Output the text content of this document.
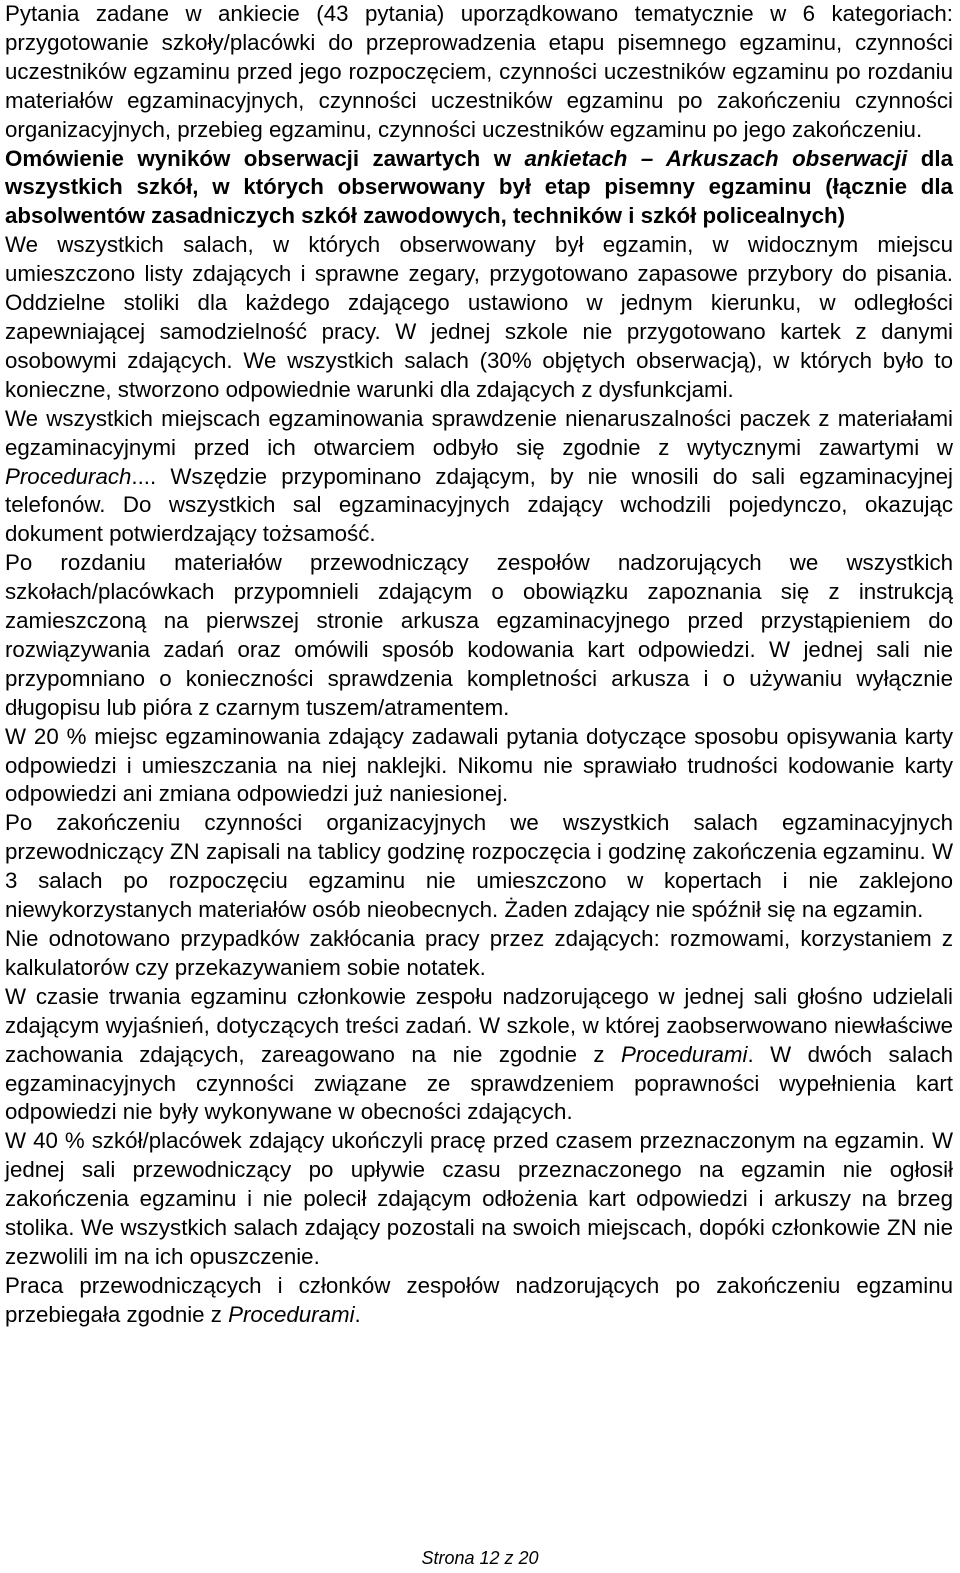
Pytania zadane w ankiecie (43 pytania) uporządkowano tematycznie w 6 kategoriach: przygotowanie szkoły/placówki do przeprowadzenia etapu pisemnego egzaminu, czynności uczestników egzaminu przed jego rozpoczęciem, czynności uczestników egzaminu po rozdaniu materiałów egzaminacyjnych, czynności uczestników egzaminu po zakończeniu czynności organizacyjnych, przebieg egzaminu, czynności uczestników egzaminu po jego zakończeniu.

Omówienie wyników obserwacji zawartych w ankietach – Arkuszach obserwacji dla wszystkich szkół, w których obserwowany był etap pisemny egzaminu (łącznie dla absolwentów zasadniczych szkół zawodowych, techników i szkół policealnych)

We wszystkich salach, w których obserwowany był egzamin, w widocznym miejscu umieszczono listy zdających i sprawne zegary, przygotowano zapasowe przybory do pisania. Oddzielne stoliki dla każdego zdającego ustawiono w jednym kierunku, w odległości zapewniającej samodzielność pracy. W jednej szkole nie przygotowano kartek z danymi osobowymi zdających. We wszystkich salach (30% objętych obserwacją), w których było to konieczne, stworzono odpowiednie warunki dla zdających z dysfunkcjami.

We wszystkich miejscach egzaminowania sprawdzenie nienaruszalności paczek z materiałami egzaminacyjnymi przed ich otwarciem odbyło się zgodnie z wytycznymi zawartymi w Procedurach.... Wszędzie przypominano zdającym, by nie wnosili do sali egzaminacyjnej telefonów. Do wszystkich sal egzaminacyjnych zdający wchodzili pojedynczo, okazując dokument potwierdzający tożsamość.

Po rozdaniu materiałów przewodniczący zespołów nadzorujących we wszystkich szkołach/placówkach przypomnieli zdającym o obowiązku zapoznania się z instrukcją zamieszczoną na pierwszej stronie arkusza egzaminacyjnego przed przystąpieniem do rozwiązywania zadań oraz omówili sposób kodowania kart odpowiedzi. W jednej sali nie przypomniano o konieczności sprawdzenia kompletności arkusza i o używaniu wyłącznie długopisu lub pióra z czarnym tuszem/atramentem.

W 20 % miejsc egzaminowania zdający zadawali pytania dotyczące sposobu opisywania karty odpowiedzi i umieszczania na niej naklejki. Nikomu nie sprawiało trudności kodowanie karty odpowiedzi ani zmiana odpowiedzi już naniesionej.

Po zakończeniu czynności organizacyjnych we wszystkich salach egzaminacyjnych przewodniczący ZN zapisali na tablicy godzinę rozpoczęcia i godzinę zakończenia egzaminu. W 3 salach po rozpoczęciu egzaminu nie umieszczono w kopertach i nie zaklejono niewykorzystanych materiałów osób nieobecnych. Żaden zdający nie spóźnił się na egzamin.

Nie odnotowano przypadków zakłócania pracy przez zdających: rozmowami, korzystaniem z kalkulatorów czy przekazywaniem sobie notatek.

W czasie trwania egzaminu członkowie zespołu nadzorującego w jednej sali głośno udzielali zdającym wyjaśnień, dotyczących treści zadań. W szkole, w której zaobserwowano niewłaściwe zachowania zdających, zareagowano na nie zgodnie z Procedurami. W dwóch salach egzaminacyjnych czynności związane ze sprawdzeniem poprawności wypełnienia kart odpowiedzi nie były wykonywane w obecności zdających.

W 40 % szkół/placówek zdający ukończyli pracę przed czasem przeznaczonym na egzamin. W jednej sali przewodniczący po upływie czasu przeznaczonego na egzamin nie ogłosił zakończenia egzaminu i nie polecił zdającym odłożenia kart odpowiedzi i arkuszy na brzeg stolika. We wszystkich salach zdający pozostali na swoich miejscach, dopóki członkowie ZN nie zezwolili im na ich opuszczenie.

Praca przewodniczących i członków zespołów nadzorujących po zakończeniu egzaminu przebiegała zgodnie z Procedurami.

Strona 12 z 20
